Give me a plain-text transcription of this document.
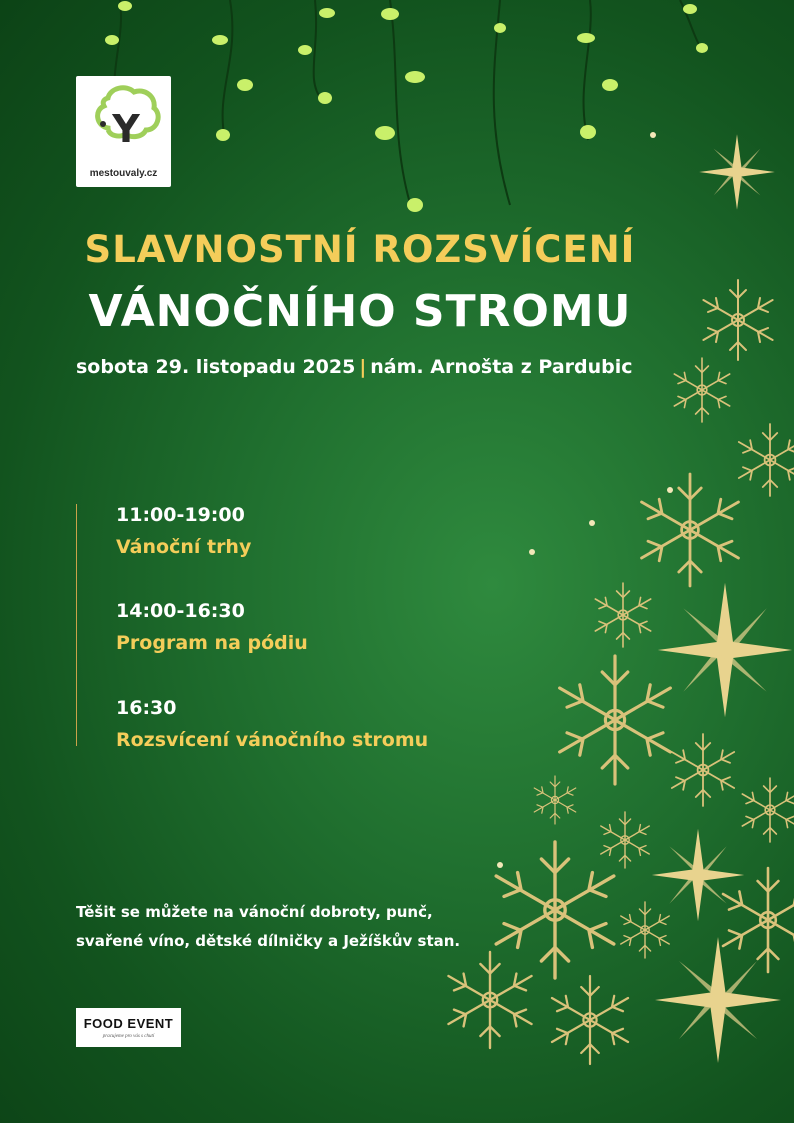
Y
mestouvaly.cz
SLAVNOSTNÍ ROZSVÍCENÍ
VÁNOČNÍHO STROMU
sobota 29. listopadu 2025 | nám. Arnošta z Pardubic
11:00-19:00
Vánoční trhy
14:00-16:30
Program na pódiu
16:30
Rozsvícení vánočního stromu
Těšit se můžete na vánoční dobroty, punč,
svařené víno, dětské dílničky a Ježíškův stan.
FOOD EVENT
pracujeme pro vás s chutí
